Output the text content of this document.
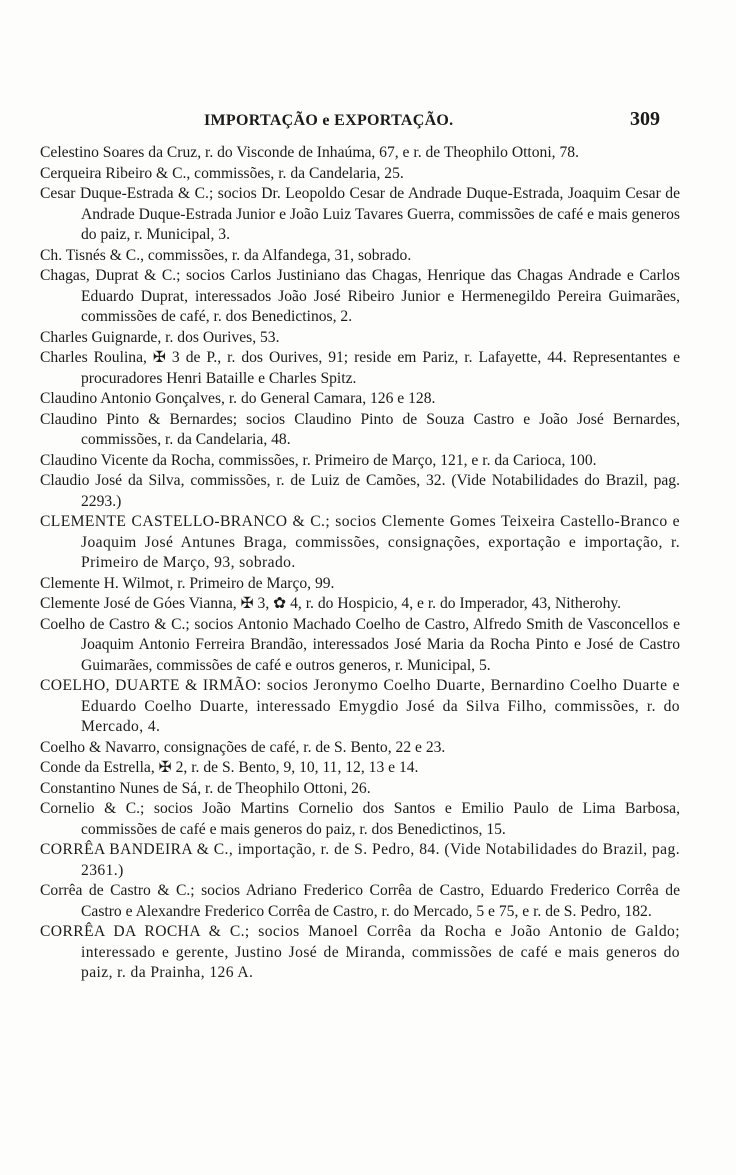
IMPORTAÇÃO e EXPORTAÇÃO.	309

Celestino Soares da Cruz, r. do Visconde de Inhaúma, 67, e r. de Theophilo Ottoni, 78.

Cerqueira Ribeiro & C., commissões, r. da Candelaria, 25.

Cesar Duque-Estrada & C.; socios Dr. Leopoldo Cesar de Andrade Duque-Estrada, Joaquim Cesar de Andrade Duque-Estrada Junior e João Luiz Tavares Guerra, commissões de café e mais generos do paiz, r. Municipal, 3.

Ch. Tisnés & C., commissões, r. da Alfandega, 31, sobrado.

Chagas, Duprat & C.; socios Carlos Justiniano das Chagas, Henrique das Chagas Andrade e Carlos Eduardo Duprat, interessados João José Ribeiro Junior e Hermenegildo Pereira Guimarães, commissões de café, r. dos Benedictinos, 2.

Charles Guignarde, r. dos Ourives, 53.

Charles Roulina, ✠ 3 de P., r. dos Ourives, 91; reside em Pariz, r. Lafayette, 44. Representantes e procuradores Henri Bataille e Charles Spitz.

Claudino Antonio Gonçalves, r. do General Camara, 126 e 128.

Claudino Pinto & Bernardes; socios Claudino Pinto de Souza Castro e João José Bernardes, commissões, r. da Candelaria, 48.

Claudino Vicente da Rocha, commissões, r. Primeiro de Março, 121, e r. da Carioca, 100.

Claudio José da Silva, commissões, r. de Luiz de Camões, 32. (Vide Notabilidades do Brazil, pag. 2293.)

CLEMENTE CASTELLO-BRANCO & C.; socios Clemente Gomes Teixeira Castello-Branco e Joaquim José Antunes Braga, commissões, consignações, exportação e importação, r. Primeiro de Março, 93, sobrado.

Clemente H. Wilmot, r. Primeiro de Março, 99.

Clemente José de Góes Vianna, ✠ 3, ✿ 4, r. do Hospicio, 4, e r. do Imperador, 43, Nitherohy.

Coelho de Castro & C.; socios Antonio Machado Coelho de Castro, Alfredo Smith de Vasconcellos e Joaquim Antonio Ferreira Brandão, interessados José Maria da Rocha Pinto e José de Castro Guimarães, commissões de café e outros generos, r. Municipal, 5.

COELHO, DUARTE & IRMÃO: socios Jeronymo Coelho Duarte, Bernardino Coelho Duarte e Eduardo Coelho Duarte, interessado Emygdio José da Silva Filho, commissões, r. do Mercado, 4.

Coelho & Navarro, consignações de café, r. de S. Bento, 22 e 23.

Conde da Estrella, ✠ 2, r. de S. Bento, 9, 10, 11, 12, 13 e 14.

Constantino Nunes de Sá, r. de Theophilo Ottoni, 26.

Cornelio & C.; socios João Martins Cornelio dos Santos e Emilio Paulo de Lima Barbosa, commissões de café e mais generos do paiz, r. dos Benedictinos, 15.

CORRÊA BANDEIRA & C., importação, r. de S. Pedro, 84. (Vide Notabilidades do Brazil, pag. 2361.)

Corrêa de Castro & C.; socios Adriano Frederico Corrêa de Castro, Eduardo Frederico Corrêa de Castro e Alexandre Frederico Corrêa de Castro, r. do Mercado, 5 e 75, e r. de S. Pedro, 182.

CORRÊA DA ROCHA & C.; socios Manoel Corrêa da Rocha e João Antonio de Galdo; interessado e gerente, Justino José de Miranda, commissões de café e mais generos do paiz, r. da Prainha, 126 A.
